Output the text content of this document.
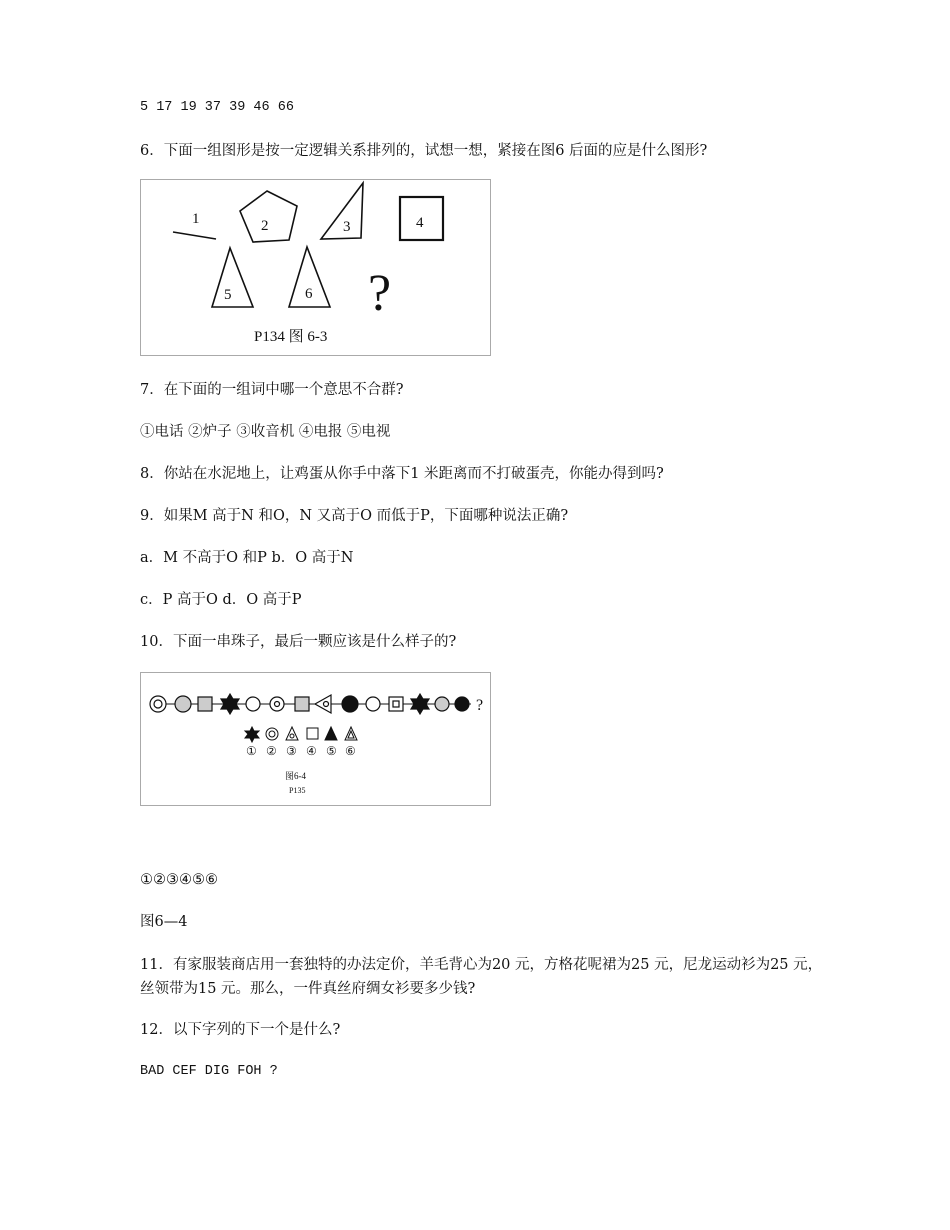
5 17 19 37 39 46 66
6．下面一组图形是按一定逻辑关系排列的，试想一想，紧接在图6 后面的应是什么图形?
1	2	3	4
5	6 ?
P134 图 6-3
7．在下面的一组词中哪一个意思不合群?
①电话 ②炉子 ③收音机 ④电报 ⑤电视
8．你站在水泥地上，让鸡蛋从你手中落下1 米距离而不打破蛋壳，你能办得到吗?
9．如果M 高于N 和O，N 又高于O 而低于P，下面哪种说法正确?
a．M 不高于O 和P b．O 高于N
c．P 高于O d．O 高于P
10．下面一串珠子，最后一颗应该是什么样子的?
?
① ② ③ ④ ⑤ ⑥
图6-4
P135
①②③④⑤⑥
图6—4
11．有家服装商店用一套独特的办法定价，羊毛背心为20 元，方格花呢裙为25 元，尼龙运动衫为25 元，丝领带为15 元。那么，一件真丝府绸女衫要多少钱?
12．以下字列的下一个是什么?
BAD CEF DIG FOH ?
